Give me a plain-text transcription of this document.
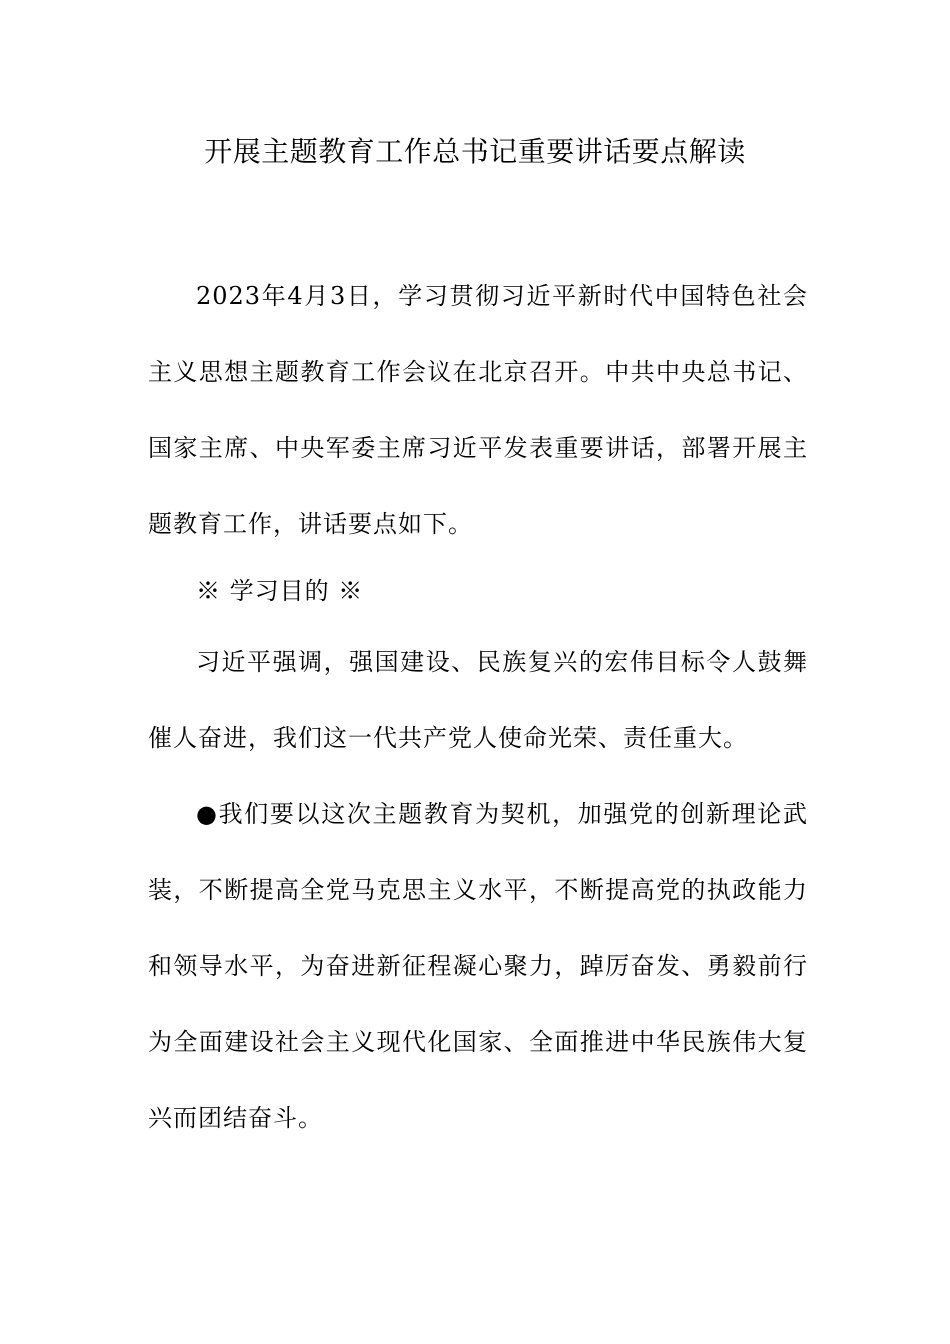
开展主题教育工作总书记重要讲话要点解读

2023年4月3日，学习贯彻习近平新时代中国特色社会主义思想主题教育工作会议在北京召开。中共中央总书记、国家主席、中央军委主席习近平发表重要讲话，部署开展主题教育工作，讲话要点如下。

※ 学习目的 ※

习近平强调，强国建设、民族复兴的宏伟目标令人鼓舞催人奋进，我们这一代共产党人使命光荣、责任重大。

●我们要以这次主题教育为契机，加强党的创新理论武装，不断提高全党马克思主义水平，不断提高党的执政能力和领导水平，为奋进新征程凝心聚力，踔厉奋发、勇毅前行为全面建设社会主义现代化国家、全面推进中华民族伟大复兴而团结奋斗。
